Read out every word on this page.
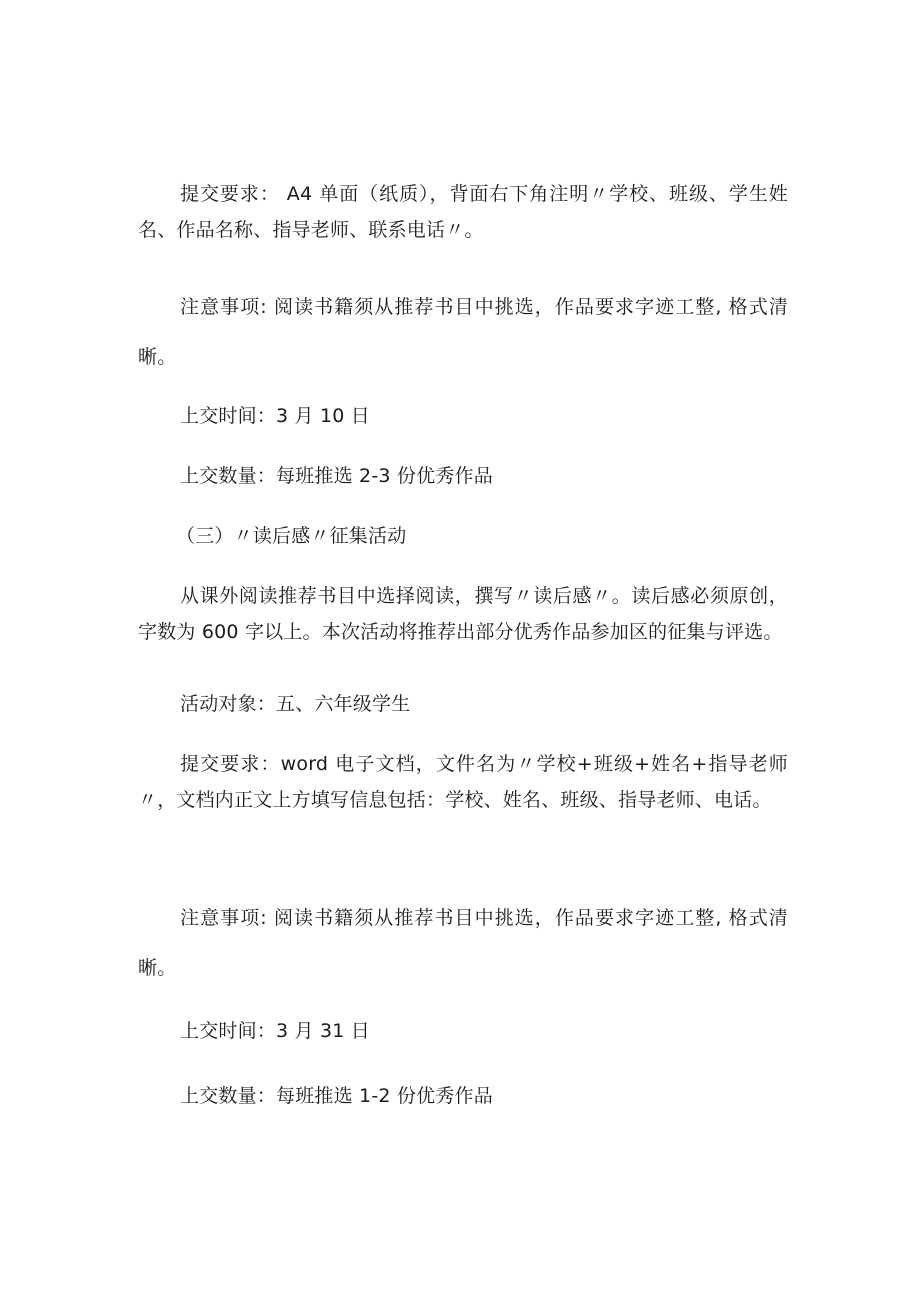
提交要求： A4 单面（纸质），背面右下角注明〃学校、班级、学生姓名、作品名称、指导老师、联系电话〃。

注意事项: 阅读书籍须从推荐书目中挑选，作品要求字迹工整, 格式清晰。

上交时间：3 月 10 日

上交数量：每班推选 2-3 份优秀作品

（三）〃读后感〃征集活动

从课外阅读推荐书目中选择阅读，撰写〃读后感〃。读后感必须原创，字数为 600 字以上。本次活动将推荐出部分优秀作品参加区的征集与评选。

活动对象：五、六年级学生

提交要求：word 电子文档，文件名为〃学校+班级+姓名+指导老师〃，文档内正文上方填写信息包括：学校、姓名、班级、指导老师、电话。

注意事项: 阅读书籍须从推荐书目中挑选，作品要求字迹工整, 格式清晰。

上交时间：3 月 31 日

上交数量：每班推选 1-2 份优秀作品
